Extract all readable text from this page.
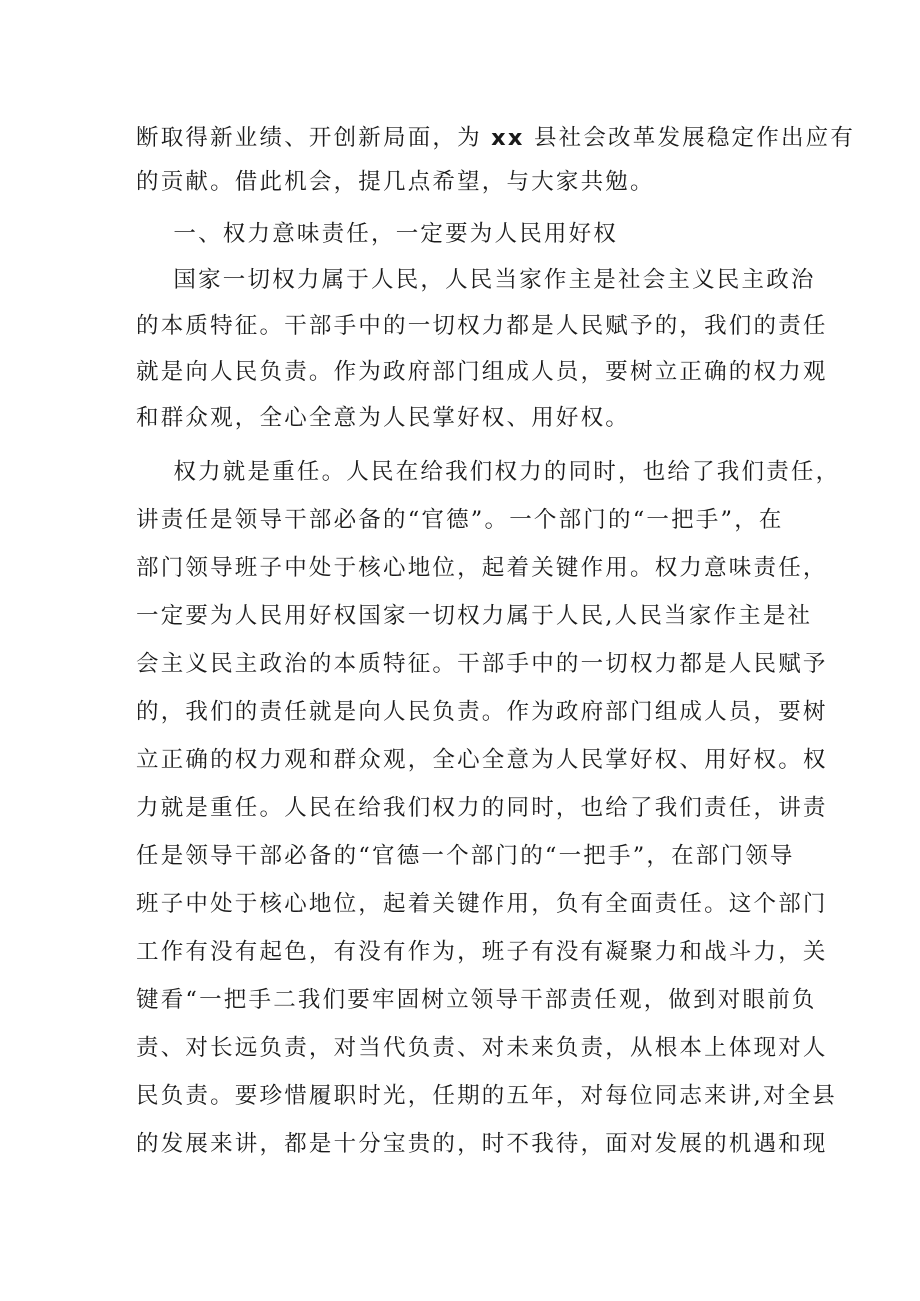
断取得新业绩、开创新局面，为 xx 县社会改革发展稳定作出应有
的贡献。借此机会，提几点希望，与大家共勉。
一、权力意味责任，一定要为人民用好权
国家一切权力属于人民，人民当家作主是社会主义民主政治
的本质特征。干部手中的一切权力都是人民赋予的，我们的责任
就是向人民负责。作为政府部门组成人员，要树立正确的权力观
和群众观，全心全意为人民掌好权、用好权。
权力就是重任。人民在给我们权力的同时，也给了我们责任，
讲责任是领导干部必备的“官德”。一个部门的“一把手”，在
部门领导班子中处于核心地位，起着关键作用。权力意味责任，
一定要为人民用好权国家一切权力属于人民,人民当家作主是社
会主义民主政治的本质特征。干部手中的一切权力都是人民赋予
的，我们的责任就是向人民负责。作为政府部门组成人员，要树
立正确的权力观和群众观，全心全意为人民掌好权、用好权。权
力就是重任。人民在给我们权力的同时，也给了我们责任，讲责
任是领导干部必备的“官德一个部门的“一把手”，在部门领导
班子中处于核心地位，起着关键作用，负有全面责任。这个部门
工作有没有起色，有没有作为，班子有没有凝聚力和战斗力，关
键看“一把手二我们要牢固树立领导干部责任观，做到对眼前负
责、对长远负责，对当代负责、对未来负责，从根本上体现对人
民负责。要珍惜履职时光，任期的五年，对每位同志来讲,对全县
的发展来讲，都是十分宝贵的，时不我待，面对发展的机遇和现
